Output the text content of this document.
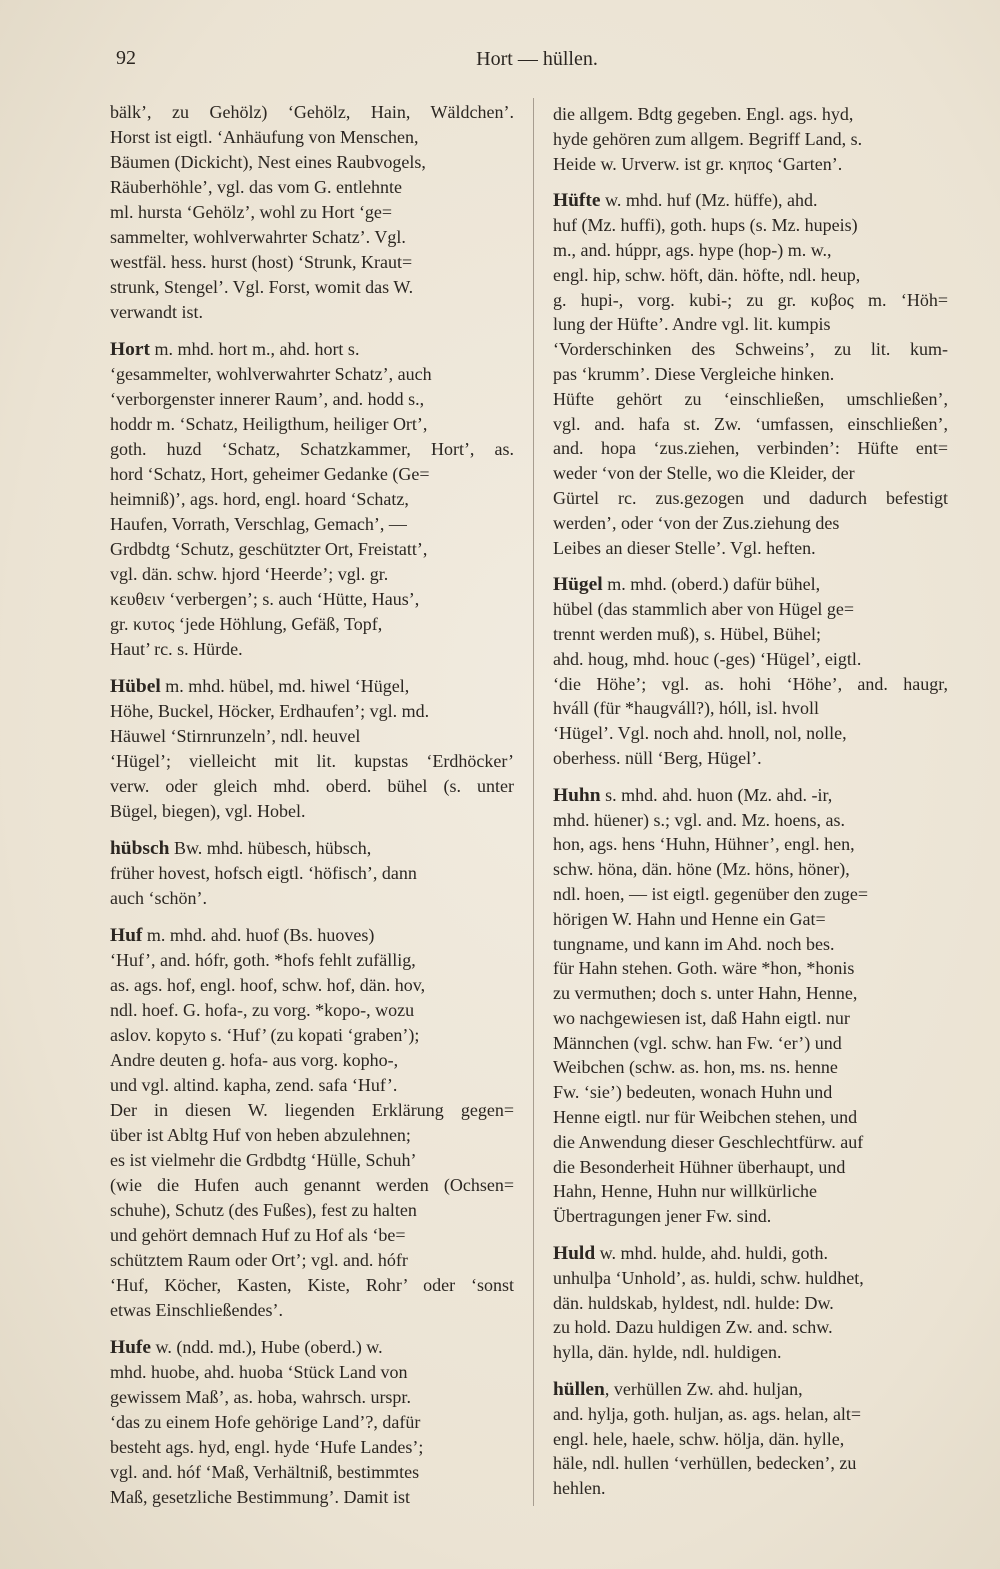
92	Hort — hüllen.
bälk’, zu Gehölz) ‘Gehölz, Hain, Wäldchen’.
Horst ist eigtl. ‘Anhäufung von Menschen,
Bäumen (Dickicht), Nest eines Raubvogels,
Räuberhöhle’, vgl. das vom G. entlehnte
ml. hursta ‘Gehölz’, wohl zu Hort ‘ge=
sammelter, wohlverwahrter Schatz’. Vgl.
westfäl. hess. hurst (host) ‘Strunk, Kraut=
strunk, Stengel’. Vgl. Forst, womit das W.
verwandt ist.
Hort m. mhd. hort m., ahd. hort s.
‘gesammelter, wohlverwahrter Schatz’, auch
‘verborgenster innerer Raum’, and. hodd s.,
hoddr m. ‘Schatz, Heiligthum, heiliger Ort’,
goth. huzd ‘Schatz, Schatzkammer, Hort’, as.
hord ‘Schatz, Hort, geheimer Gedanke (Ge=
heimniß)’, ags. hord, engl. hoard ‘Schatz,
Haufen, Vorrath, Verschlag, Gemach’, —
Grdbdtg ‘Schutz, geschützter Ort, Freistatt’,
vgl. dän. schw. hjord ‘Heerde’; vgl. gr.
κευθειν ‘verbergen’; s. auch ‘Hütte, Haus’,
gr. κυτος ‘jede Höhlung, Gefäß, Topf,
Haut’ rc. s. Hürde.
Hübel m. mhd. hübel, md. hiwel ‘Hügel,
Höhe, Buckel, Höcker, Erdhaufen’; vgl. md.
Häuwel ‘Stirnrunzeln’, ndl. heuvel
‘Hügel’; vielleicht mit lit. kupstas ‘Erdhöcker’
verw. oder gleich mhd. oberd. bühel (s. unter
Bügel, biegen), vgl. Hobel.
hübsch Bw. mhd. hübesch, hübsch,
früher hovest, hofsch eigtl. ‘höfisch’, dann
auch ‘schön’.
Huf m. mhd. ahd. huof (Bs. huoves)
‘Huf’, and. hófr, goth. *hofs fehlt zufällig,
as. ags. hof, engl. hoof, schw. hof, dän. hov,
ndl. hoef. G. hofa-, zu vorg. *kopo-, wozu
aslov. kopyto s. ‘Huf’ (zu kopati ‘graben’);
Andre deuten g. hofa- aus vorg. kopho-,
und vgl. altind. kapha, zend. safa ‘Huf’.
Der in diesen W. liegenden Erklärung gegen=
über ist Abltg Huf von heben abzulehnen;
es ist vielmehr die Grdbdtg ‘Hülle, Schuh’
(wie die Hufen auch genannt werden (Ochsen=
schuhe), Schutz (des Fußes), fest zu halten
und gehört demnach Huf zu Hof als ‘be=
schütztem Raum oder Ort’; vgl. and. hófr
‘Huf, Köcher, Kasten, Kiste, Rohr’ oder ‘sonst
etwas Einschließendes’.
Hufe w. (ndd. md.), Hube (oberd.) w.
mhd. huobe, ahd. huoba ‘Stück Land von
gewissem Maß’, as. hoba, wahrsch. urspr.
‘das zu einem Hofe gehörige Land’?, dafür
besteht ags. hyd, engl. hyde ‘Hufe Landes’;
vgl. and. hóf ‘Maß, Verhältniß, bestimmtes
Maß, gesetzliche Bestimmung’. Damit ist
die allgem. Bdtg gegeben. Engl. ags. hyd,
hyde gehören zum allgem. Begriff Land, s.
Heide w. Urverw. ist gr. κηπος ‘Garten’.
Hüfte w. mhd. huf (Mz. hüffe), ahd.
huf (Mz. huffi), goth. hups (s. Mz. hupeis)
m., and. húppr, ags. hype (hop-) m. w.,
engl. hip, schw. höft, dän. höfte, ndl. heup,
g. hupi-, vorg. kubi-; zu gr. κυβος m. ‘Höh=
lung der Hüfte’. Andre vgl. lit. kumpis
‘Vorderschinken des Schweins’, zu lit. kum-
pas ‘krumm’. Diese Vergleiche hinken.
Hüfte gehört zu ‘einschließen, umschließen’,
vgl. and. hafa st. Zw. ‘umfassen, einschließen’,
and. hopa ‘zus.ziehen, verbinden’: Hüfte ent=
weder ‘von der Stelle, wo die Kleider, der
Gürtel rc. zus.gezogen und dadurch befestigt
werden’, oder ‘von der Zus.ziehung des
Leibes an dieser Stelle’. Vgl. heften.
Hügel m. mhd. (oberd.) dafür bühel,
hübel (das stammlich aber von Hügel ge=
trennt werden muß), s. Hübel, Bühel;
ahd. houg, mhd. houc (-ges) ‘Hügel’, eigtl.
‘die Höhe’; vgl. as. hohi ‘Höhe’, and. haugr,
hváll (für *haugváll?), hóll, isl. hvoll
‘Hügel’. Vgl. noch ahd. hnoll, nol, nolle,
oberhess. nüll ‘Berg, Hügel’.
Huhn s. mhd. ahd. huon (Mz. ahd. -ir,
mhd. hüener) s.; vgl. and. Mz. hoens, as.
hon, ags. hens ‘Huhn, Hühner’, engl. hen,
schw. höna, dän. höne (Mz. höns, höner),
ndl. hoen, — ist eigtl. gegenüber den zuge=
hörigen W. Hahn und Henne ein Gat=
tungname, und kann im Ahd. noch bes.
für Hahn stehen. Goth. wäre *hon, *honis
zu vermuthen; doch s. unter Hahn, Henne,
wo nachgewiesen ist, daß Hahn eigtl. nur
Männchen (vgl. schw. han Fw. ‘er’) und
Weibchen (schw. as. hon, ms. ns. henne
Fw. ‘sie’) bedeuten, wonach Huhn und
Henne eigtl. nur für Weibchen stehen, und
die Anwendung dieser Geschlechtfürw. auf
die Besonderheit Hühner überhaupt, und
Hahn, Henne, Huhn nur willkürliche
Übertragungen jener Fw. sind.
Huld w. mhd. hulde, ahd. huldi, goth.
unhulþa ‘Unhold’, as. huldi, schw. huldhet,
dän. huldskab, hyldest, ndl. hulde: Dw.
zu hold. Dazu huldigen Zw. and. schw.
hylla, dän. hylde, ndl. huldigen.
hüllen, verhüllen Zw. ahd. huljan,
and. hylja, goth. huljan, as. ags. helan, alt=
engl. hele, haele, schw. hölja, dän. hylle,
häle, ndl. hullen ‘verhüllen, bedecken’, zu
hehlen.
